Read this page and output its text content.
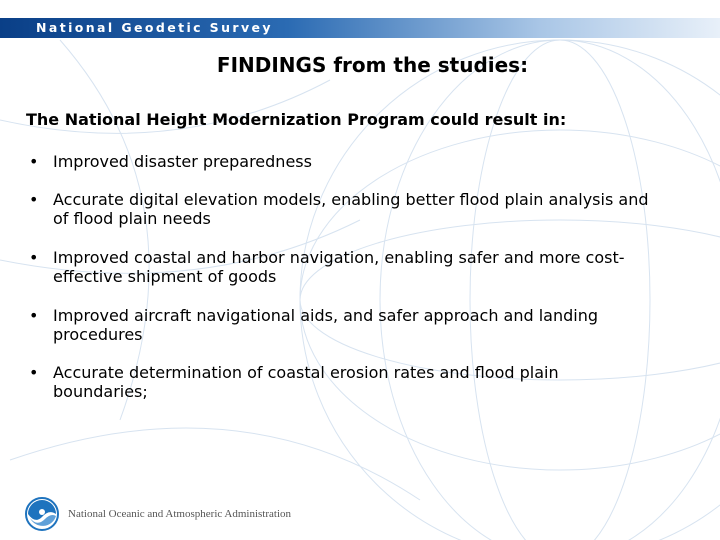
National Geodetic Survey
FINDINGS from the studies:
The National Height Modernization Program could result in:
• Improved disaster preparedness
• Accurate digital elevation models, enabling better flood plain analysis and of flood plain needs
• Improved coastal and harbor navigation, enabling safer and more cost-effective shipment of goods
• Improved aircraft navigational aids, and safer approach and landing procedures
• Accurate determination of coastal erosion rates and flood plain boundaries;
National Oceanic and Atmospheric Administration
